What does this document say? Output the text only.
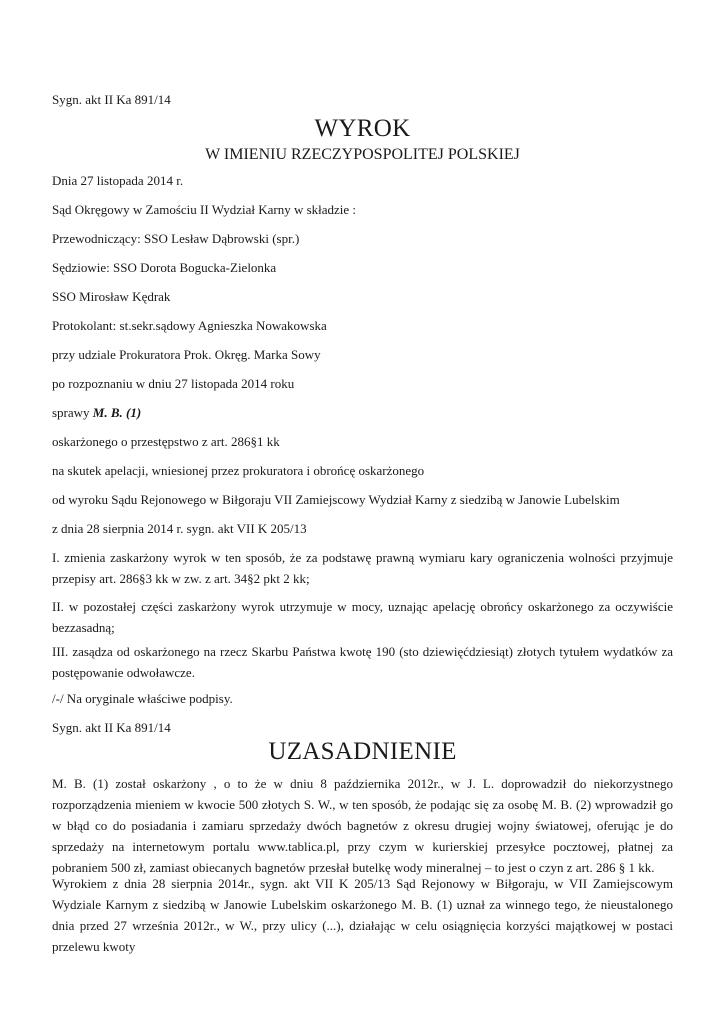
Sygn. akt II Ka 891/14
WYROK
W IMIENIU RZECZYPOSPOLITEJ POLSKIEJ
Dnia 27 listopada 2014 r.
Sąd Okręgowy w Zamościu II Wydział Karny w składzie :
Przewodniczący: SSO Lesław Dąbrowski (spr.)
Sędziowie: SSO Dorota Bogucka-Zielonka
SSO Mirosław Kędrak
Protokolant: st.sekr.sądowy Agnieszka Nowakowska
przy udziale Prokuratora Prok. Okręg. Marka Sowy
po rozpoznaniu w dniu 27 listopada 2014 roku
sprawy M. B. (1)
oskarżonego o przestępstwo z art. 286§1 kk
na skutek apelacji, wniesionej przez prokuratora i obrońcę oskarżonego
od wyroku Sądu Rejonowego w Biłgoraju VII Zamiejscowy Wydział Karny z siedzibą w Janowie Lubelskim
z dnia 28 sierpnia 2014 r. sygn. akt VII K 205/13
I. zmienia zaskarżony wyrok w ten sposób, że za podstawę prawną wymiaru kary ograniczenia wolności przyjmuje przepisy art. 286§3 kk w zw. z art. 34§2 pkt 2 kk;
II. w pozostałej części zaskarżony wyrok utrzymuje w mocy, uznając apelację obrońcy oskarżonego za oczywiście bezzasadną;
III. zasądza od oskarżonego na rzecz Skarbu Państwa kwotę 190 (sto dziewięćdziesiąt) złotych tytułem wydatków za postępowanie odwoławcze.
/-/ Na oryginale właściwe podpisy.
Sygn. akt II Ka 891/14
UZASADNIENIE
M. B. (1) został oskarżony , o to że w dniu 8 października 2012r., w J. L. doprowadził do niekorzystnego rozporządzenia mieniem w kwocie 500 złotych S. W., w ten sposób, że podając się za osobę M. B. (2) wprowadził go w błąd co do posiadania i zamiaru sprzedaży dwóch bagnetów z okresu drugiej wojny światowej, oferując je do sprzedaży na internetowym portalu www.tablica.pl, przy czym w kurierskiej przesyłce pocztowej, płatnej za pobraniem 500 zł, zamiast obiecanych bagnetów przesłał butelkę wody mineralnej – to jest o czyn z art. 286 § 1 kk.
Wyrokiem z dnia 28 sierpnia 2014r., sygn. akt VII K 205/13 Sąd Rejonowy w Biłgoraju, w VII Zamiejscowym Wydziale Karnym z siedzibą w Janowie Lubelskim oskarżonego M. B. (1) uznał za winnego tego, że nieustalonego dnia przed 27 września 2012r., w W., przy ulicy (...), działając w celu osiągnięcia korzyści majątkowej w postaci przelewu kwoty
